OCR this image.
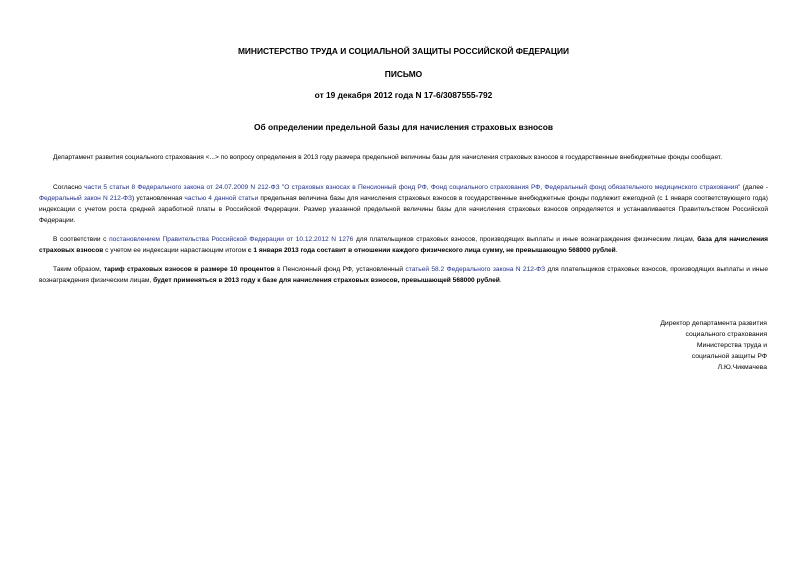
МИНИСТЕРСТВО ТРУДА И СОЦИАЛЬНОЙ ЗАЩИТЫ РОССИЙСКОЙ ФЕДЕРАЦИИ
ПИСЬМО
от 19 декабря 2012 года N 17-6/3087555-792
Об определении предельной базы для начисления страховых взносов

Департамент развития социального страхования <...> по вопросу определения в 2013 году размера предельной величины базы для начисления страховых взносов в государственные внебюджетные фонды сообщает.

Согласно части 5 статьи 8 Федерального закона от 24.07.2009 N 212-ФЗ "О страховых взносах в Пенсионный фонд РФ, Фонд социального страхования РФ, Федеральный фонд обязательного медицинского страхования" (далее - Федеральный закон N 212-ФЗ) установленная частью 4 данной статьи предельная величина базы для начисления страховых взносов в государственные внебюджетные фонды подлежит ежегодной (с 1 января соответствующего года) индексации с учетом роста средней заработной платы в Российской Федерации. Размер указанной предельной величины базы для начисления страховых взносов определяется и устанавливается Правительством Российской Федерации.

В соответствии с постановлением Правительства Российской Федерации от 10.12.2012 N 1276 для плательщиков страховых взносов, производящих выплаты и иные вознаграждения физическим лицам, база для начисления страховых взносов с учетом ее индексации нарастающим итогом с 1 января 2013 года составит в отношении каждого физического лица сумму, не превышающую 568000 рублей.

Таким образом, тариф страховых взносов в размере 10 процентов в Пенсионный фонд РФ, установленный статьей 58.2 Федерального закона N 212-ФЗ для плательщиков страховых взносов, производящих выплаты и иные вознаграждения физическим лицам, будет применяться в 2013 году к базе для начисления страховых взносов, превышающей 568000 рублей.

Директор департамента развития
социального страхования
Министерства труда и
социальной защиты РФ
Л.Ю.Чикмачева
